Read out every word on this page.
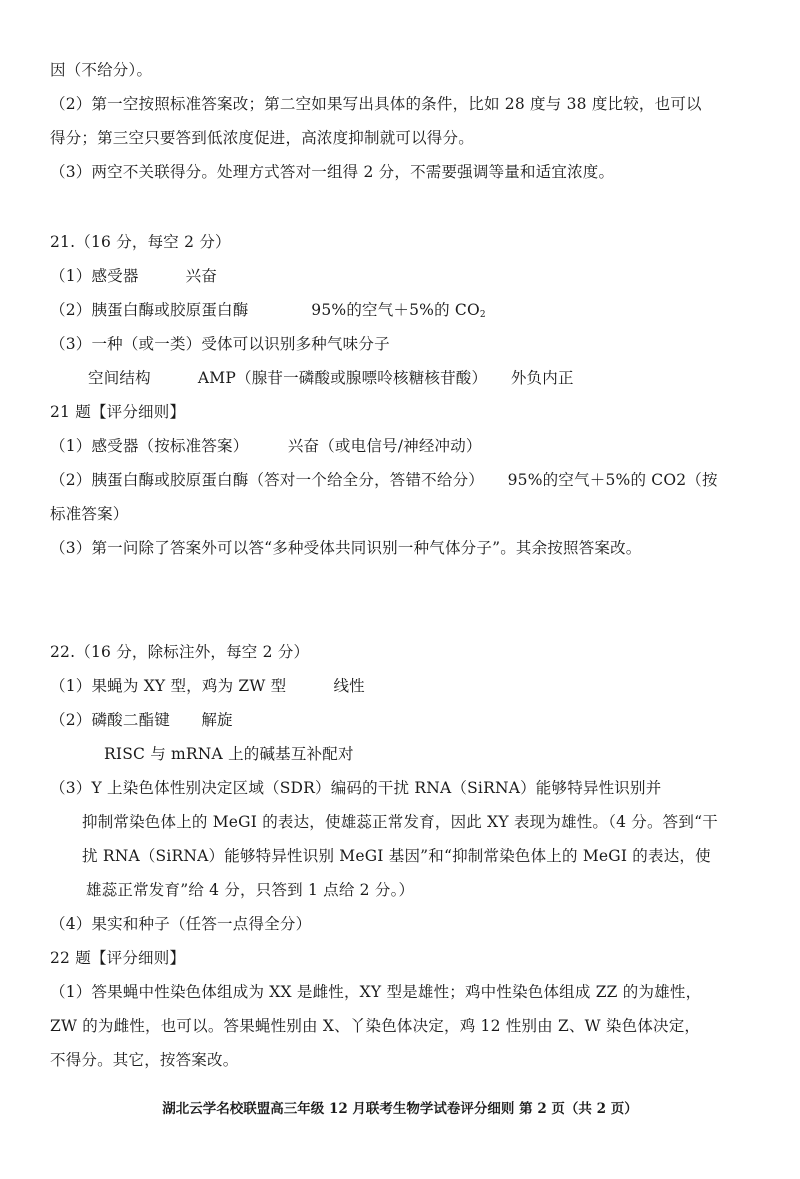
因（不给分）。
（2）第一空按照标准答案改；第二空如果写出具体的条件，比如 28 度与 38 度比较，也可以
得分；第三空只要答到低浓度促进，高浓度抑制就可以得分。
（3）两空不关联得分。处理方式答对一组得 2 分，不需要强调等量和适宜浓度。
21.（16 分，每空 2 分）
（1）感受器　　　兴奋
（2）胰蛋白酶或胶原蛋白酶　　　　95%的空气＋5%的 $CO_2$
（3）一种（或一类）受体可以识别多种气味分子
空间结构　　　AMP（腺苷一磷酸或腺嘌呤核糖核苷酸）　　外负内正
21 题【评分细则】
（1）感受器（按标准答案）　　　兴奋（或电信号/神经冲动）
（2）胰蛋白酶或胶原蛋白酶（答对一个给全分，答错不给分）　　95%的空气＋5%的 CO2（按
标准答案）
（3）第一问除了答案外可以答“多种受体共同识别一种气体分子”。其余按照答案改。
22.（16 分，除标注外，每空 2 分）
（1）果蝇为 XY 型，鸡为 ZW 型　　　线性
（2）磷酸二酯键　　解旋
RISC 与 mRNA 上的碱基互补配对
（3）Y 上染色体性别决定区域（SDR）编码的干扰 RNA（SiRNA）能够特异性识别并
抑制常染色体上的 MeGI 的表达，使雄蕊正常发育，因此 XY 表现为雄性。（4 分。答到“干
扰 RNA（SiRNA）能够特异性识别 MeGI 基因”和“抑制常染色体上的 MeGI 的表达，使
雄蕊正常发育”给 4 分，只答到 1 点给 2 分。）
（4）果实和种子（任答一点得全分）
22 题【评分细则】
（1）答果蝇中性染色体组成为 XX 是雌性，XY 型是雄性；鸡中性染色体组成 ZZ 的为雄性，
ZW 的为雌性，也可以。答果蝇性别由 X、丫染色体决定，鸡 12 性别由 Z、W 染色体决定，
不得分。其它，按答案改。
湖北云学名校联盟高三年级 12 月联考生物学试卷评分细则 第 2 页（共 2 页）
